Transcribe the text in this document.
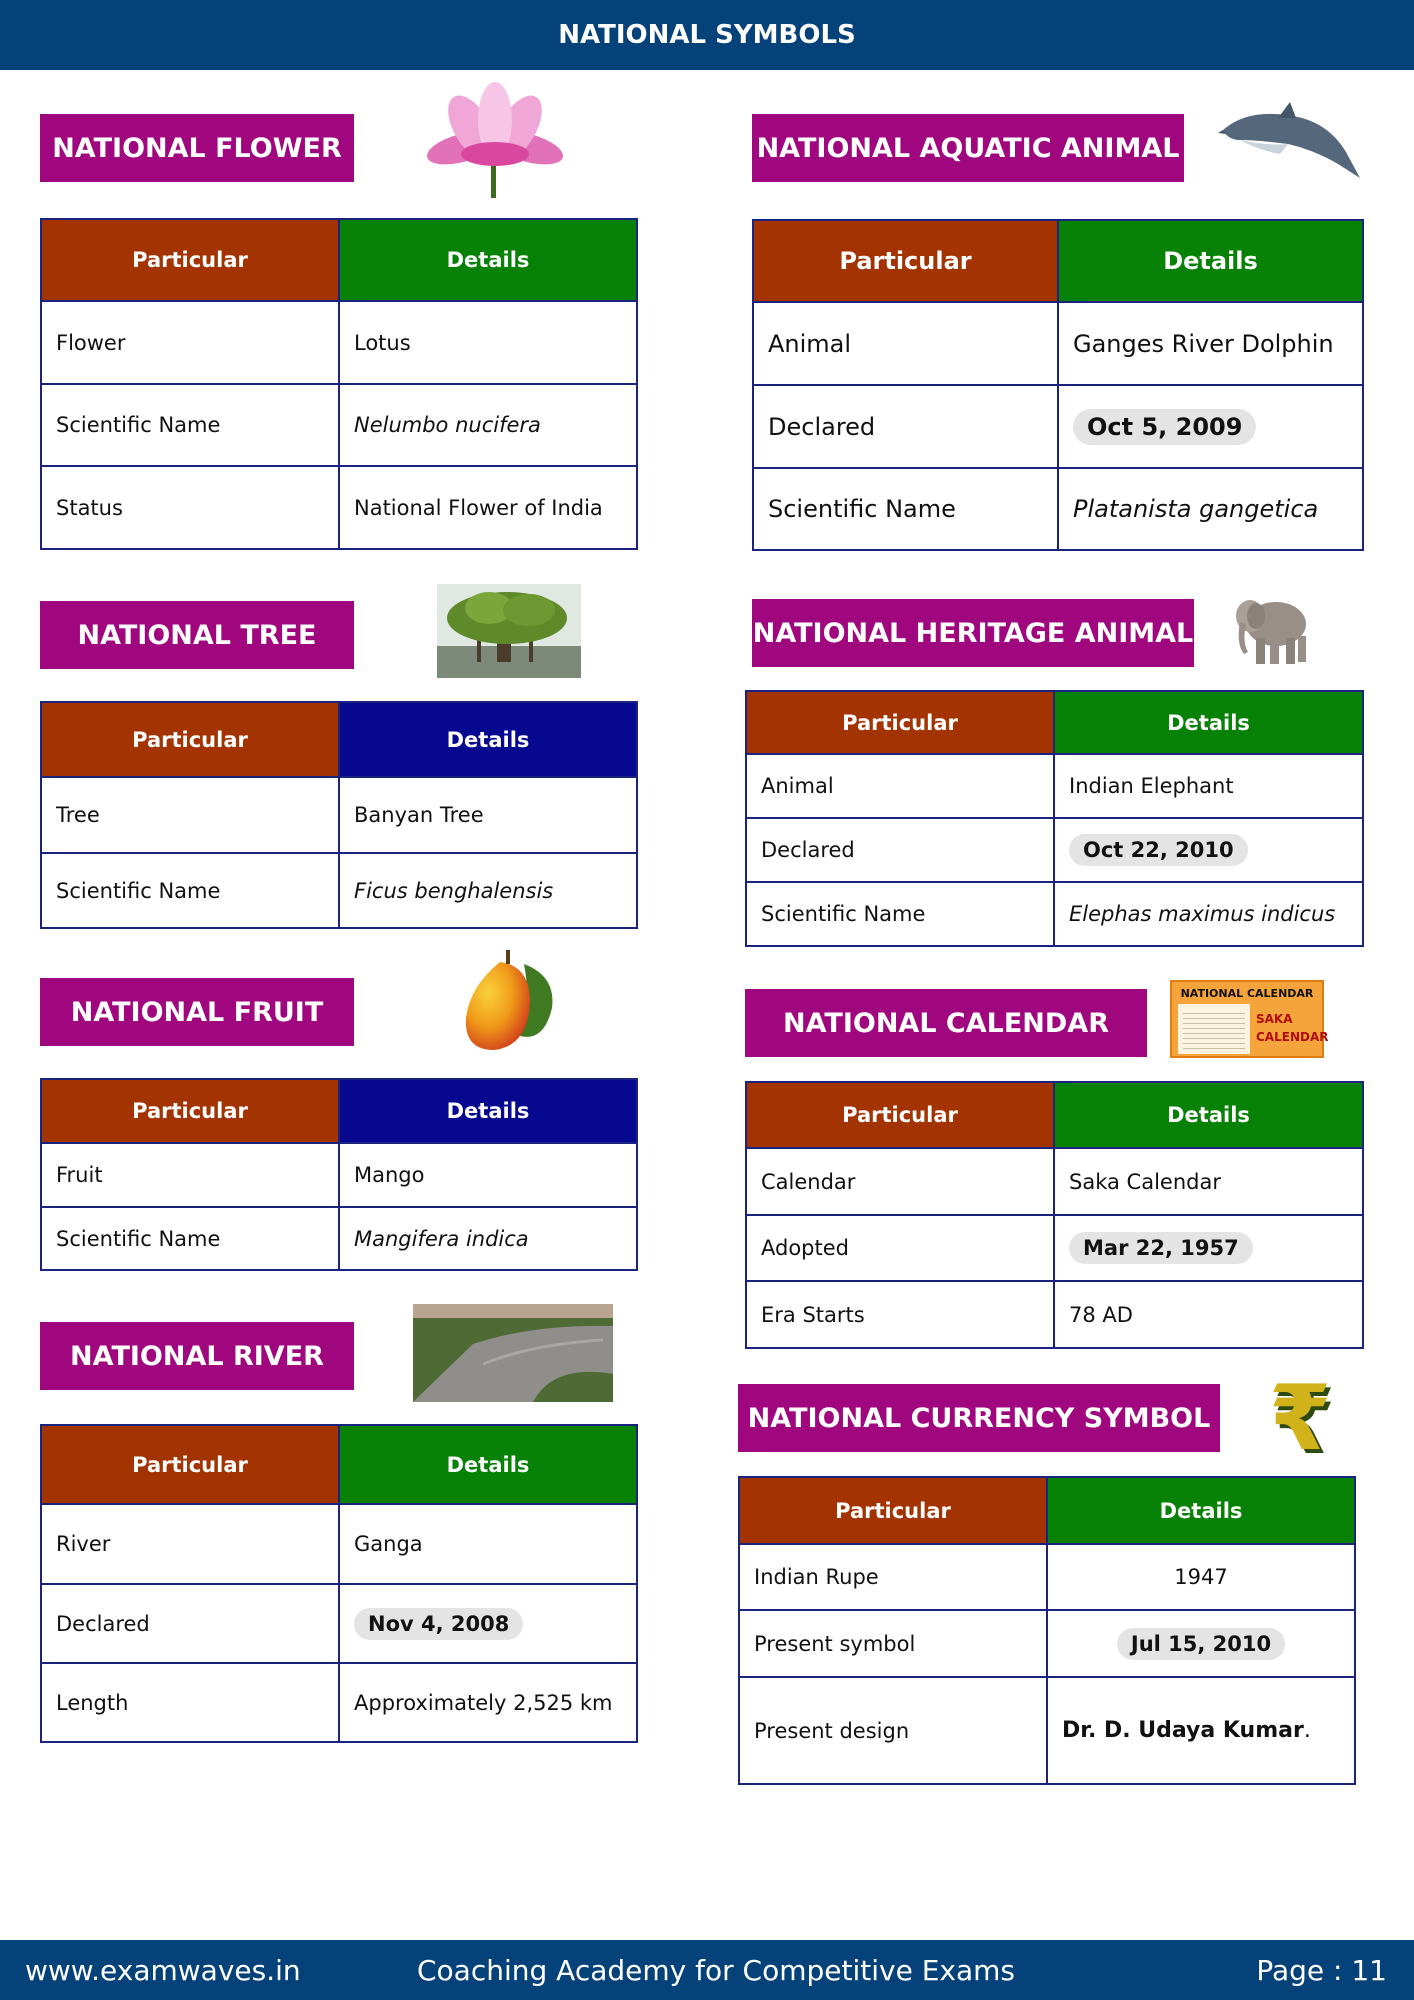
NATIONAL SYMBOLS
NATIONAL FLOWER
Particular	Details
Flower	Lotus
Scientific Name	Nelumbo nucifera
Status	National Flower of India
NATIONAL AQUATIC ANIMAL
Particular	Details
Animal	Ganges River Dolphin
Declared	Oct 5, 2009
Scientific Name	Platanista gangetica
NATIONAL TREE
Particular	Details
Tree	Banyan Tree
Scientific Name	Ficus benghalensis
NATIONAL HERITAGE ANIMAL
Particular	Details
Animal	Indian Elephant
Declared	Oct 22, 2010
Scientific Name	Elephas maximus indicus
NATIONAL FRUIT
Particular	Details
Fruit	Mango
Scientific Name	Mangifera indica
NATIONAL CALENDAR
NATIONAL CALENDAR
SAKA
CALENDAR
Particular	Details
Calendar	Saka Calendar
Adopted	Mar 22, 1957
Era Starts	78 AD
NATIONAL RIVER
Particular	Details
River	Ganga
Declared	Nov 4, 2008
Length	Approximately 2,525 km
NATIONAL CURRENCY SYMBOL ₹
Particular	Details
Indian Rupe	1947
Present symbol	Jul 15, 2010
Present design	Dr. D. Udaya Kumar.
www.examwaves.in	Coaching Academy for Competitive Exams	Page : 11
